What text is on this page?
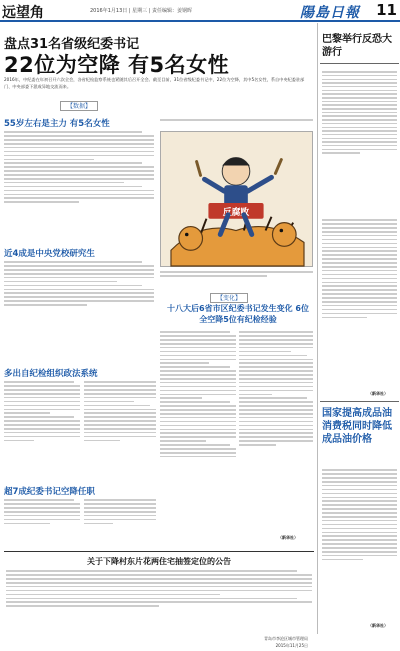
远望角	2016年1月13日 | 星期三 | 责任编辑：姜钢晖	陽島日報 11
盘点31名省级纪委书记
22位为空降 有5名女性
2016年，中纪委在年初召开六次全会，各省纪检监察系统也紧随其后召开全会。截至目前，31位省级纪委书记中，22位为空降，其中5名女性，系自中央纪委驻部门、中央部委下派或异地交流而来。
【数据】
55岁左右是主力 有5名女性
反腐败
近4成是中央党校研究生
【变化】
十八大后6省市区纪委书记发生变化 6位全空降5位有纪检经验
多出自纪检组织政法系统
（新华社）
超7成纪委书记空降任职
关于下降村东片花两住宅抽签定位的公告
青岛市李沧区城市管理局
2015年11月25日
巴黎举行反恐大游行
（新华社）
国家提高成品油消费税同时降低成品油价格
（新华社）
